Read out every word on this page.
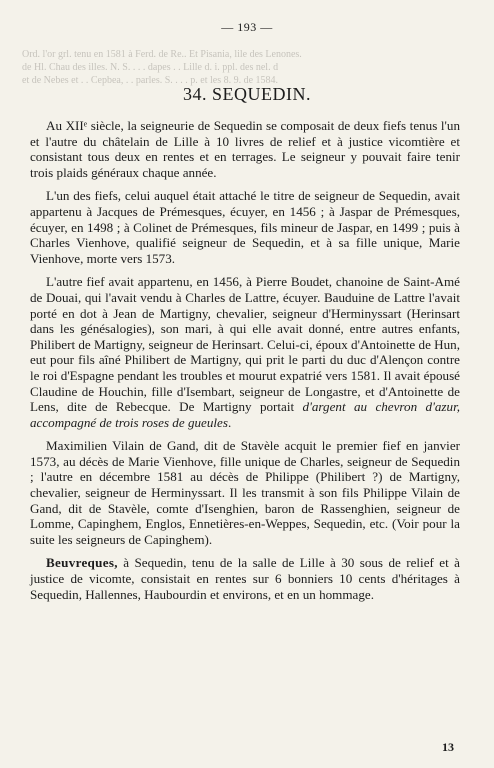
— 193 —
Ord. l'or grl. tenu en 1581 à Ferd. de Re.. Et Pisania, lile des Lenones.
de Hl. Chau des illes. N. S. . . . dapes . . Lille d. i. ppl. des nel. d
et de Nebes et . . Cepbea, . . parles. S. . . . p. et les 8. 9. de 1584.
34. SEQUEDIN.

Au XIIᵉ siècle, la seigneurie de Sequedin se composait de deux fiefs tenus l'un et l'autre du châtelain de Lille à 10 livres de relief et à justice vicomtière et consistant tous deux en rentes et en terrages. Le seigneur y pouvait faire tenir trois plaids généraux chaque année.

L'un des fiefs, celui auquel était attaché le titre de seigneur de Sequedin, avait appartenu à Jacques de Prémesques, écuyer, en 1456 ; à Jaspar de Prémesques, écuyer, en 1498 ; à Colinet de Prémesques, fils mineur de Jaspar, en 1499 ; puis à Charles Vienhove, qualifié seigneur de Sequedin, et à sa fille unique, Marie Vienhove, morte vers 1573.

L'autre fief avait appartenu, en 1456, à Pierre Boudet, chanoine de Saint-Amé de Douai, qui l'avait vendu à Charles de Lattre, écuyer. Bauduine de Lattre l'avait porté en dot à Jean de Martigny, chevalier, seigneur d'Herminyssart (Herinsart dans les génésalogies), son mari, à qui elle avait donné, entre autres enfants, Philibert de Martigny, seigneur de Herinsart. Celui-ci, époux d'Antoinette de Hun, eut pour fils aîné Philibert de Martigny, qui prit le parti du duc d'Alençon contre le roi d'Espagne pendant les troubles et mourut expatrié vers 1581. Il avait épousé Claudine de Houchin, fille d'Isembart, seigneur de Longastre, et d'Antoinette de Lens, dite de Rebecque. De Martigny portait d'argent au chevron d'azur, accompagné de trois roses de gueules.

Maximilien Vilain de Gand, dit de Stavèle acquit le premier fief en janvier 1573, au décès de Marie Vienhove, fille unique de Charles, seigneur de Sequedin ; l'autre en décembre 1581 au décès de Philippe (Philibert ?) de Martigny, chevalier, seigneur de Herminyssart. Il les transmit à son fils Philippe Vilain de Gand, dit de Stavèle, comte d'Isenghien, baron de Rassenghien, seigneur de Lomme, Capinghem, Englos, Ennetières-en-Weppes, Sequedin, etc. (Voir pour la suite les seigneurs de Capinghem).

Beuvreques, à Sequedin, tenu de la salle de Lille à 30 sous de relief et à justice de vicomte, consistait en rentes sur 6 bonniers 10 cents d'héritages à Sequedin, Hallennes, Haubourdin et environs, et en un hommage.

13
